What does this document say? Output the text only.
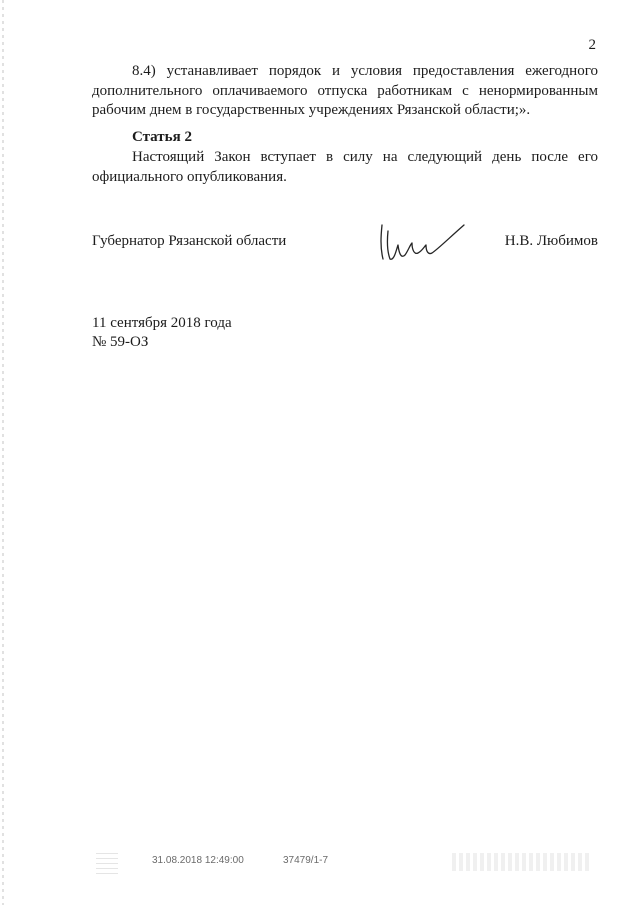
2

8.4) устанавливает порядок и условия предоставления ежегодного дополнительного оплачиваемого отпуска работникам с ненормированным рабочим днем в государственных учреждениях Рязанской области;».

Статья 2

Настоящий Закон вступает в силу на следующий день после его официального опубликования.

Губернатор Рязанской области	Н.В. Любимов
11 сентября 2018 года
№ 59-ОЗ
31.08.2018 12:49:00	37479/1-7
